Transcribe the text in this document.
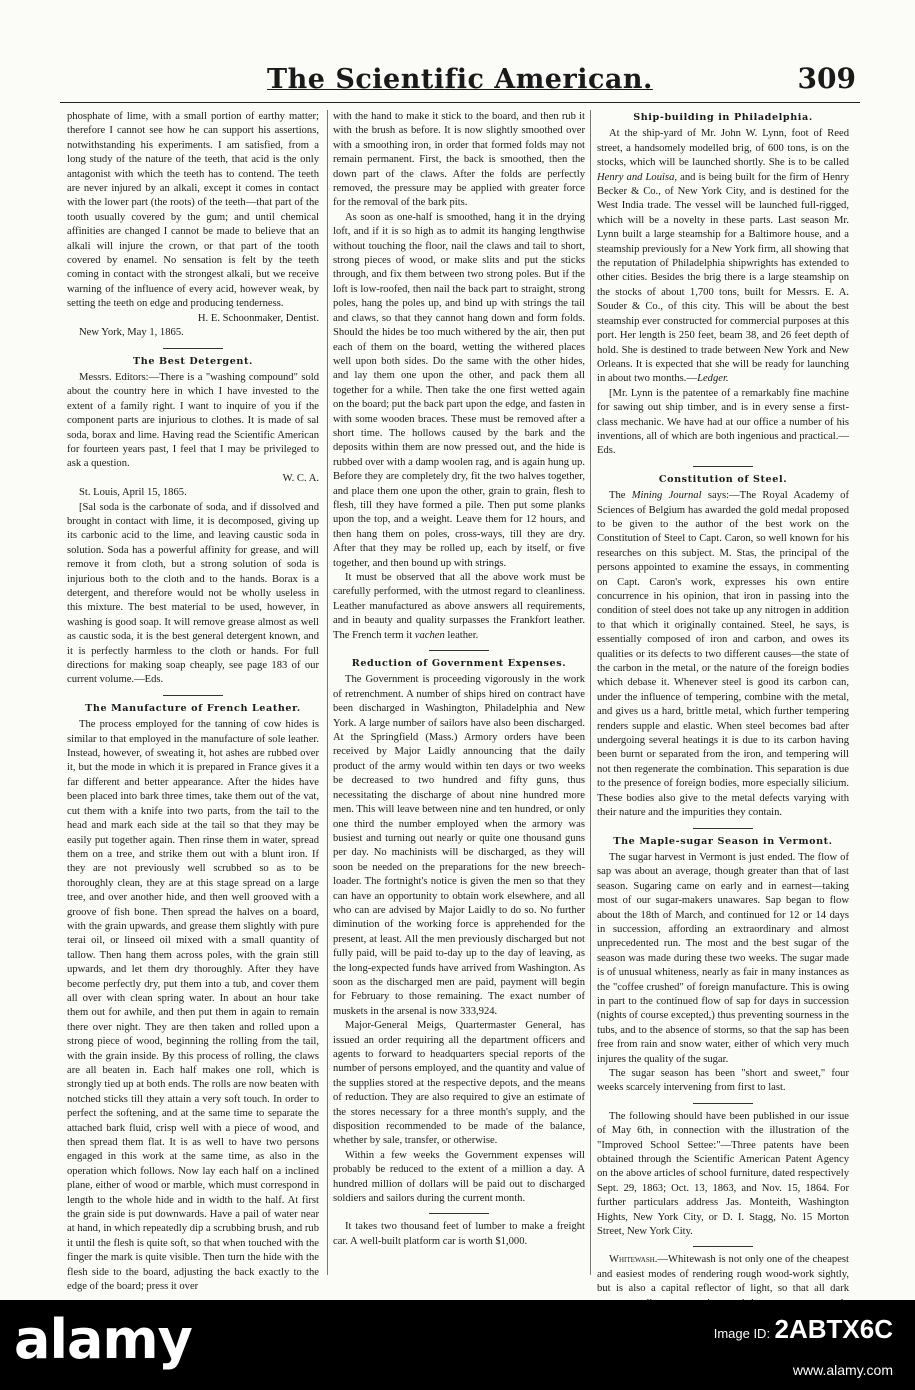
The Scientific American.	309

phosphate of lime, with a small portion of earthy matter; therefore I cannot see how he can support his assertions, notwithstanding his experiments. I am satisfied, from a long study of the nature of the teeth, that acid is the only antagonist with which the teeth has to contend. The teeth are never injured by an alkali, except it comes in contact with the lower part (the roots) of the teeth—that part of the tooth usually covered by the gum; and until chemical affinities are changed I cannot be made to believe that an alkali will injure the crown, or that part of the tooth covered by enamel. No sensation is felt by the teeth coming in contact with the strongest alkali, but we receive warning of the influence of every acid, however weak, by setting the teeth on edge and producing tenderness.

H. E. Schoonmaker, Dentist.

New York, May 1, 1865.

The Best Detergent.

Messrs. Editors:—There is a "washing compound" sold about the country here in which I have invested to the extent of a family right. I want to inquire of you if the component parts are injurious to clothes. It is made of sal soda, borax and lime. Having read the Scientific American for fourteen years past, I feel that I may be privileged to ask a question.

W. C. A.

St. Louis, April 15, 1865.

[Sal soda is the carbonate of soda, and if dissolved and brought in contact with lime, it is decomposed, giving up its carbonic acid to the lime, and leaving caustic soda in solution. Soda has a powerful affinity for grease, and will remove it from cloth, but a strong solution of soda is injurious both to the cloth and to the hands. Borax is a detergent, and therefore would not be wholly useless in this mixture. The best material to be used, however, in washing is good soap. It will remove grease almost as well as caustic soda, it is the best general detergent known, and it is perfectly harmless to the cloth or hands. For full directions for making soap cheaply, see page 183 of our current volume.—Eds.

The Manufacture of French Leather.

The process employed for the tanning of cow hides is similar to that employed in the manufacture of sole leather. Instead, however, of sweating it, hot ashes are rubbed over it, but the mode in which it is prepared in France gives it a far different and better appearance. After the hides have been placed into bark three times, take them out of the vat, cut them with a knife into two parts, from the tail to the head and mark each side at the tail so that they may be easily put together again. Then rinse them in water, spread them on a tree, and strike them out with a blunt iron. If they are not previously well scrubbed so as to be thoroughly clean, they are at this stage spread on a large tree, and over another hide, and then well grooved with a groove of fish bone. Then spread the halves on a board, with the grain upwards, and grease them slightly with pure terai oil, or linseed oil mixed with a small quantity of tallow. Then hang them across poles, with the grain still upwards, and let them dry thoroughly. After they have become perfectly dry, put them into a tub, and cover them all over with clean spring water. In about an hour take them out for awhile, and then put them in again to remain there over night. They are then taken and rolled upon a strong piece of wood, beginning the rolling from the tail, with the grain inside. By this process of rolling, the claws are all beaten in. Each half makes one roll, which is strongly tied up at both ends. The rolls are now beaten with notched sticks till they attain a very soft touch. In order to perfect the softening, and at the same time to separate the attached bark fluid, crisp well with a piece of wood, and then spread them flat. It is as well to have two persons engaged in this work at the same time, as also in the operation which follows. Now lay each half on a inclined plane, either of wood or marble, which must correspond in length to the whole hide and in width to the half. At first the grain side is put downwards. Have a pail of water near at hand, in which repeatedly dip a scrubbing brush, and rub it until the flesh is quite soft, so that when touched with the finger the mark is quite visible. Then turn the hide with the flesh side to the board, adjusting the back exactly to the edge of the board; press it over

with the hand to make it stick to the board, and then rub it with the brush as before. It is now slightly smoothed over with a smoothing iron, in order that formed folds may not remain permanent. First, the back is smoothed, then the down part of the claws. After the folds are perfectly removed, the pressure may be applied with greater force for the removal of the bark pits.

As soon as one-half is smoothed, hang it in the drying loft, and if it is so high as to admit its hanging lengthwise without touching the floor, nail the claws and tail to short, strong pieces of wood, or make slits and put the sticks through, and fix them between two strong poles. But if the loft is low-roofed, then nail the back part to straight, strong poles, hang the poles up, and bind up with strings the tail and claws, so that they cannot hang down and form folds. Should the hides be too much withered by the air, then put each of them on the board, wetting the withered places well upon both sides. Do the same with the other hides, and lay them one upon the other, and pack them all together for a while. Then take the one first wetted again on the board; put the back part upon the edge, and fasten in with some wooden braces. These must be removed after a short time. The hollows caused by the bark and the deposits within them are now pressed out, and the hide is rubbed over with a damp woolen rag, and is again hung up. Before they are completely dry, fit the two halves together, and place them one upon the other, grain to grain, flesh to flesh, till they have formed a pile. Then put some planks upon the top, and a weight. Leave them for 12 hours, and then hang them on poles, cross-ways, till they are dry. After that they may be rolled up, each by itself, or five together, and then bound up with strings.

It must be observed that all the above work must be carefully performed, with the utmost regard to cleanliness. Leather manufactured as above answers all requirements, and in beauty and quality surpasses the Frankfort leather. The French term it vachen leather.

Reduction of Government Expenses.

The Government is proceeding vigorously in the work of retrenchment. A number of ships hired on contract have been discharged in Washington, Philadelphia and New York. A large number of sailors have also been discharged. At the Springfield (Mass.) Armory orders have been received by Major Laidly announcing that the daily product of the army would within ten days or two weeks be decreased to two hundred and fifty guns, thus necessitating the discharge of about nine hundred more men. This will leave between nine and ten hundred, or only one third the number employed when the armory was busiest and turning out nearly or quite one thousand guns per day. No machinists will be discharged, as they will soon be needed on the preparations for the new breech-loader. The fortnight's notice is given the men so that they can have an opportunity to obtain work elsewhere, and all who can are advised by Major Laidly to do so. No further diminution of the working force is apprehended for the present, at least. All the men previously discharged but not fully paid, will be paid to-day up to the day of leaving, as the long-expected funds have arrived from Washington. As soon as the discharged men are paid, payment will begin for February to those remaining. The exact number of muskets in the arsenal is now 333,924.

Major-General Meigs, Quartermaster General, has issued an order requiring all the department officers and agents to forward to headquarters special reports of the number of persons employed, and the quantity and value of the supplies stored at the respective depots, and the means of reduction. They are also required to give an estimate of the stores necessary for a three month's supply, and the disposition recommended to be made of the balance, whether by sale, transfer, or otherwise.

Within a few weeks the Government expenses will probably be reduced to the extent of a million a day. A hundred million of dollars will be paid out to discharged soldiers and sailors during the current month.

It takes two thousand feet of lumber to make a freight car. A well-built platform car is worth $1,000.

Ship-building in Philadelphia.

At the ship-yard of Mr. John W. Lynn, foot of Reed street, a handsomely modelled brig, of 600 tons, is on the stocks, which will be launched shortly. She is to be called Henry and Louisa, and is being built for the firm of Henry Becker & Co., of New York City, and is destined for the West India trade. The vessel will be launched full-rigged, which will be a novelty in these parts. Last season Mr. Lynn built a large steamship for a Baltimore house, and a steamship previously for a New York firm, all showing that the reputation of Philadelphia shipwrights has extended to other cities. Besides the brig there is a large steamship on the stocks of about 1,700 tons, built for Messrs. E. A. Souder & Co., of this city. This will be about the best steamship ever constructed for commercial purposes at this port. Her length is 250 feet, beam 38, and 26 feet depth of hold. She is destined to trade between New York and New Orleans. It is expected that she will be ready for launching in about two months.—Ledger.

[Mr. Lynn is the patentee of a remarkably fine machine for sawing out ship timber, and is in every sense a first-class mechanic. We have had at our office a number of his inventions, all of which are both ingenious and practical.—Eds.

Constitution of Steel.

The Mining Journal says:—The Royal Academy of Sciences of Belgium has awarded the gold medal proposed to be given to the author of the best work on the Constitution of Steel to Capt. Caron, so well known for his researches on this subject. M. Stas, the principal of the persons appointed to examine the essays, in commenting on Capt. Caron's work, expresses his own entire concurrence in his opinion, that iron in passing into the condition of steel does not take up any nitrogen in addition to that which it originally contained. Steel, he says, is essentially composed of iron and carbon, and owes its qualities or its defects to two different causes—the state of the carbon in the metal, or the nature of the foreign bodies which debase it. Whenever steel is good its carbon can, under the influence of tempering, combine with the metal, and gives us a hard, brittle metal, which further tempering renders supple and elastic. When steel becomes bad after undergoing several heatings it is due to its carbon having been burnt or separated from the iron, and tempering will not then regenerate the combination. This separation is due to the presence of foreign bodies, more especially silicium. These bodies also give to the metal defects varying with their nature and the impurities they contain.

The Maple-sugar Season in Vermont.

The sugar harvest in Vermont is just ended. The flow of sap was about an average, though greater than that of last season. Sugaring came on early and in earnest—taking most of our sugar-makers unawares. Sap began to flow about the 18th of March, and continued for 12 or 14 days in succession, affording an extraordinary and almost unprecedented run. The most and the best sugar of the season was made during these two weeks. The sugar made is of unusual whiteness, nearly as fair in many instances as the "coffee crushed" of foreign manufacture. This is owing in part to the continued flow of sap for days in succession (nights of course excepted,) thus preventing sourness in the tubs, and to the absence of storms, so that the sap has been free from rain and snow water, either of which very much injures the quality of the sugar.

The sugar season has been "short and sweet," four weeks scarcely intervening from first to last.

The following should have been published in our issue of May 6th, in connection with the illustration of the "Improved School Settee:"—Three patents have been obtained through the Scientific American Patent Agency on the above articles of school furniture, dated respectively Sept. 29, 1863; Oct. 13, 1863, and Nov. 15, 1864. For further particulars address Jas. Monteith, Washington Hights, New York City, or D. I. Stagg, No. 15 Morton Street, New York City.

Whitewash.—Whitewash is not only one of the cheapest and easiest modes of rendering rough wood-work sightly, but is also a capital reflector of light, so that all dark

alamy	Image ID: 2ABTX6C
www.alamy.com
